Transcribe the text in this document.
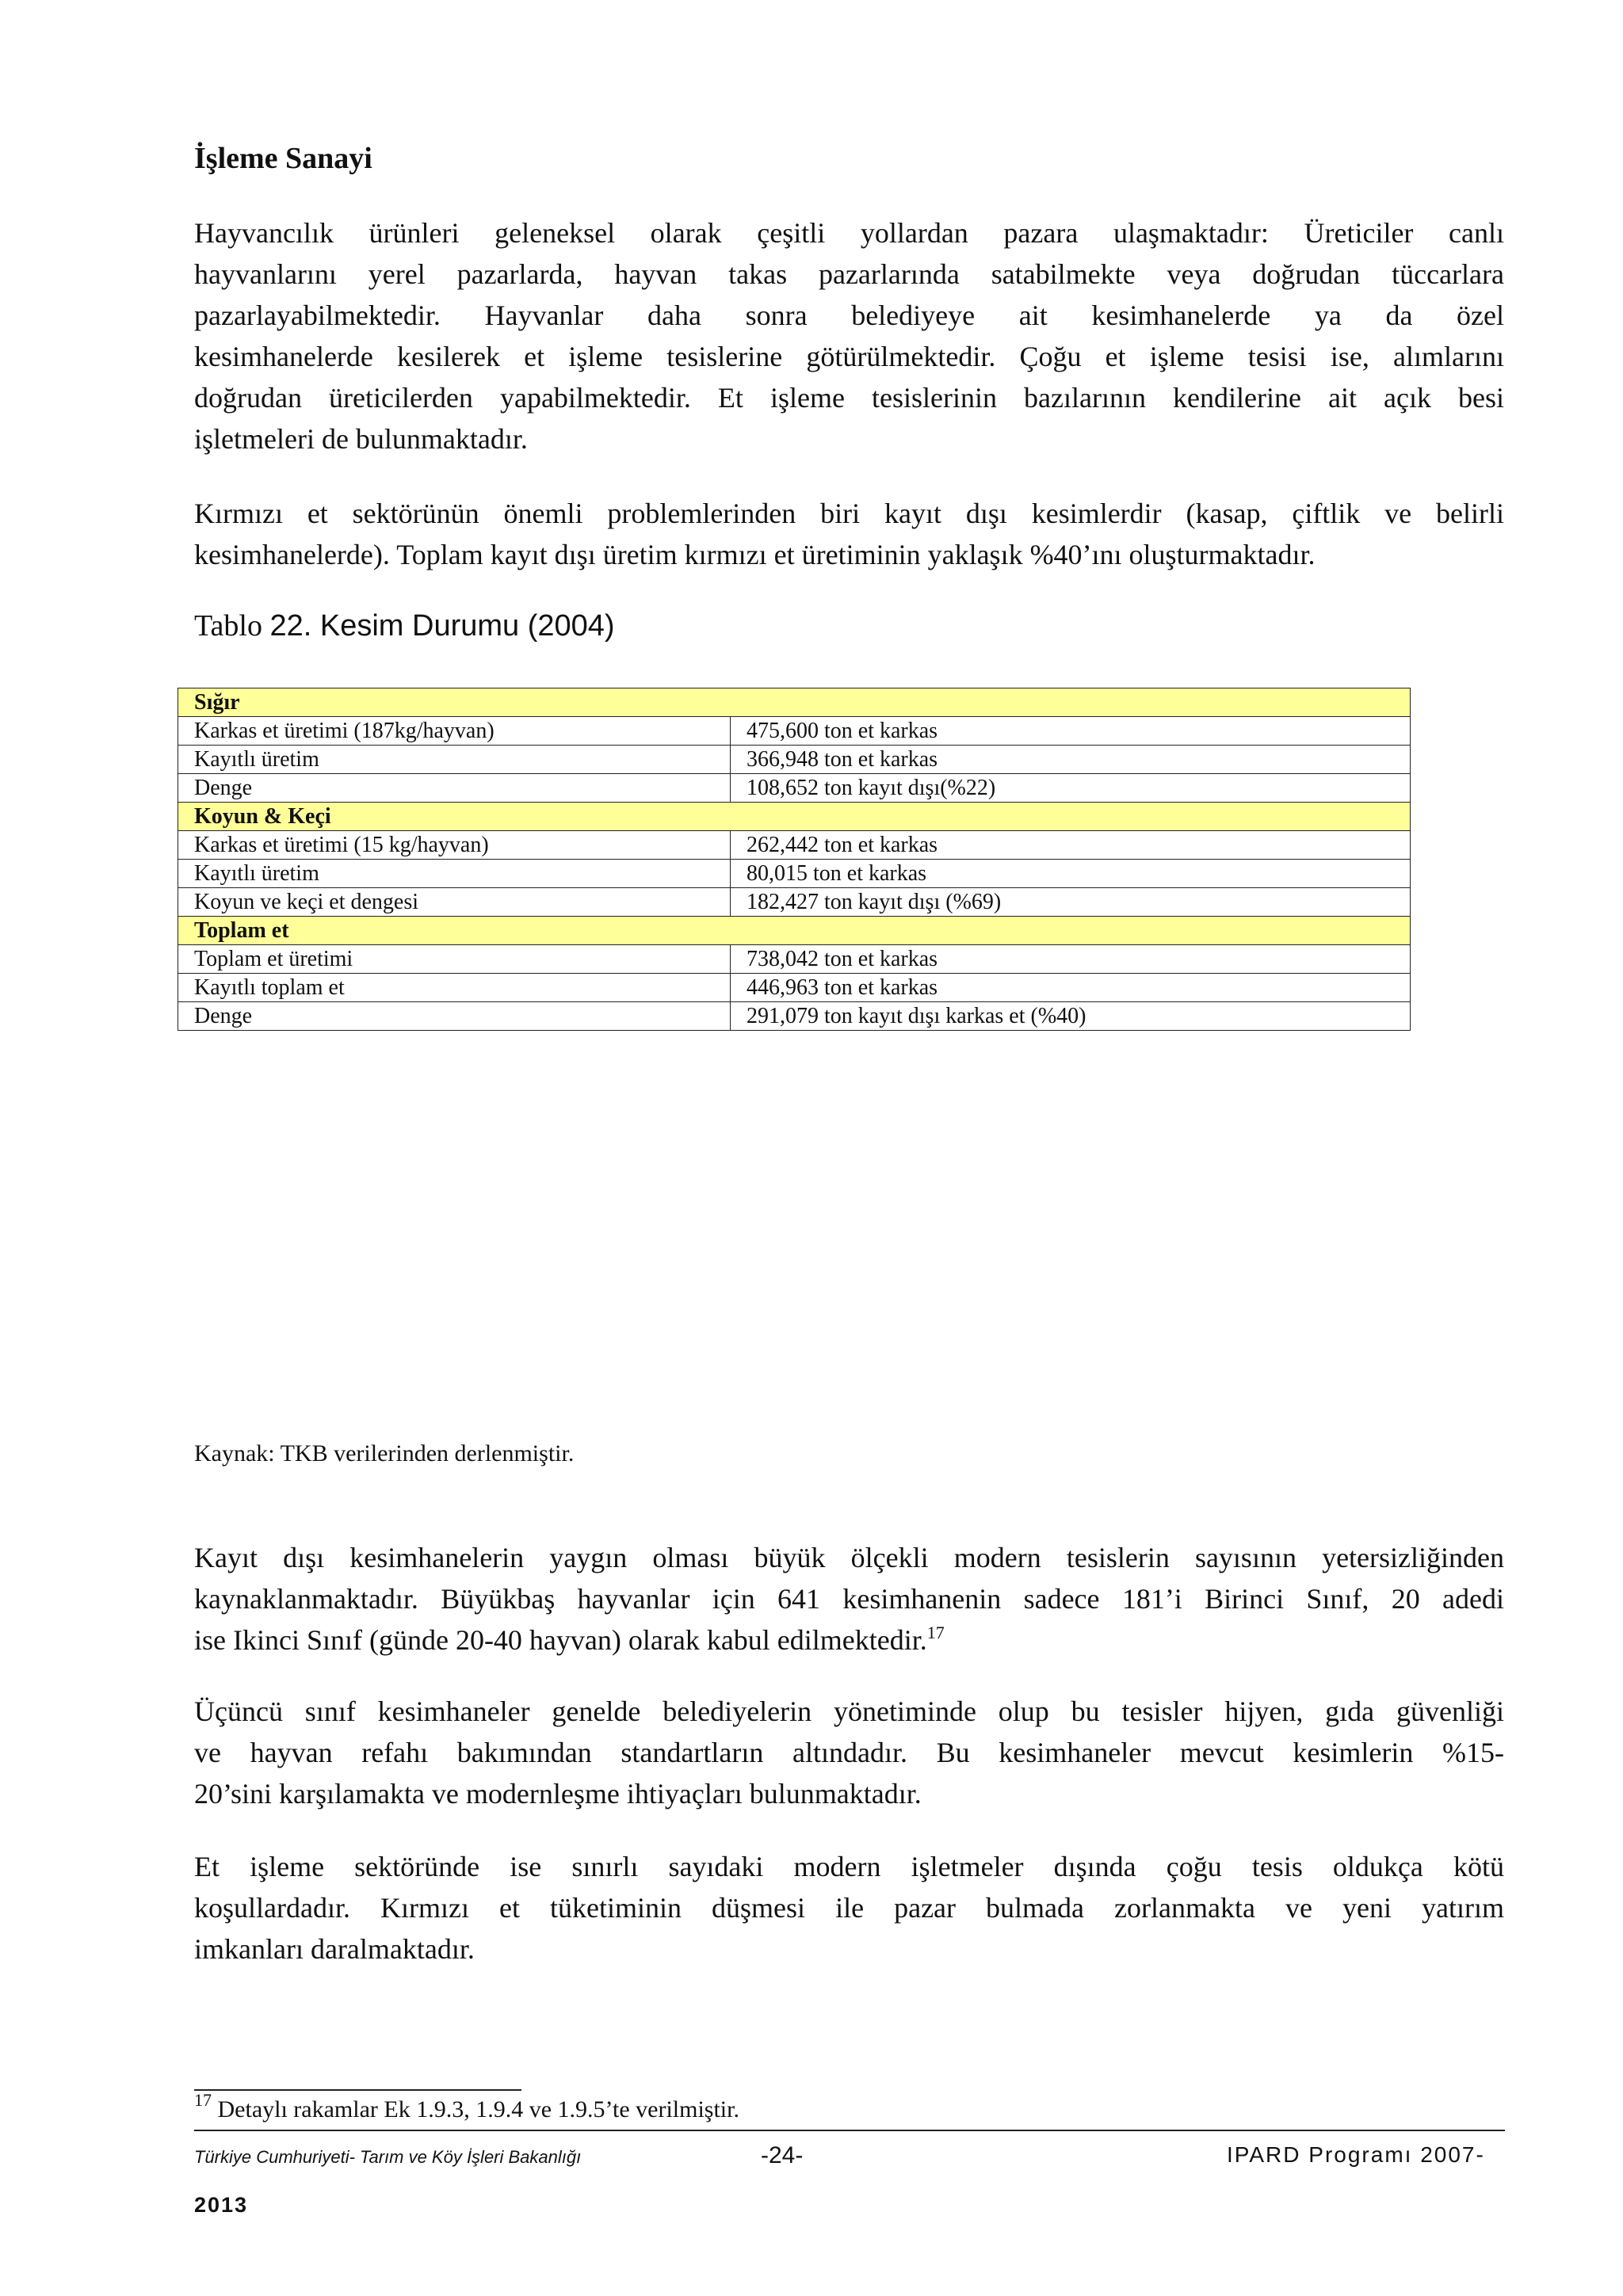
İşleme Sanayi
Hayvancılık ürünleri geleneksel olarak çeşitli yollardan pazara ulaşmaktadır: Üreticiler canlı
hayvanlarını yerel pazarlarda, hayvan takas pazarlarında satabilmekte veya doğrudan tüccarlara
pazarlayabilmektedir. Hayvanlar daha sonra belediyeye ait kesimhanelerde ya da özel
kesimhanelerde kesilerek et işleme tesislerine götürülmektedir. Çoğu et işleme tesisi ise, alımlarını
doğrudan üreticilerden yapabilmektedir. Et işleme tesislerinin bazılarının kendilerine ait açık besi
işletmeleri de bulunmaktadır.
Kırmızı et sektörünün önemli problemlerinden biri kayıt dışı kesimlerdir (kasap, çiftlik ve belirli
kesimhanelerde). Toplam kayıt dışı üretim kırmızı et üretiminin yaklaşık %40’ını oluşturmaktadır.
Tablo 22. Kesim Durumu (2004)
Sığır	
Karkas et üretimi (187kg/hayvan)	475,600 ton et karkas
Kayıtlı üretim	366,948 ton et karkas
Denge	108,652 ton kayıt dışı(%22)
Koyun & Keçi	
Karkas et üretimi (15 kg/hayvan)	262,442 ton et karkas
Kayıtlı üretim	80,015 ton et karkas
Koyun ve keçi et dengesi	182,427 ton kayıt dışı (%69)
Toplam et	
Toplam et üretimi	738,042 ton et karkas
Kayıtlı toplam et	446,963 ton et karkas
Denge	291,079 ton kayıt dışı karkas et (%40)
Kaynak: TKB verilerinden derlenmiştir.
Kayıt dışı kesimhanelerin yaygın olması büyük ölçekli modern tesislerin sayısının yetersizliğinden
kaynaklanmaktadır. Büyükbaş hayvanlar için 641 kesimhanenin sadece 181’i Birinci Sınıf, 20 adedi
ise Ikinci Sınıf (günde 20-40 hayvan) olarak kabul edilmektedir.$^{17}$
Üçüncü sınıf kesimhaneler genelde belediyelerin yönetiminde olup bu tesisler hijyen, gıda güvenliği
ve hayvan refahı bakımından standartların altındadır. Bu kesimhaneler mevcut kesimlerin %15-
20’sini karşılamakta ve modernleşme ihtiyaçları bulunmaktadır.
Et işleme sektöründe ise sınırlı sayıdaki modern işletmeler dışında çoğu tesis oldukça kötü
koşullardadır. Kırmızı et tüketiminin düşmesi ile pazar bulmada zorlanmakta ve yeni yatırım
imkanları daralmaktadır.
$^{17}$ Detaylı rakamlar Ek 1.9.3, 1.9.4 ve 1.9.5’te verilmiştir.
Türkiye Cumhuriyeti- Tarım ve Köy İşleri Bakanlığı	-24-	IPARD Programı 2007-
2013
